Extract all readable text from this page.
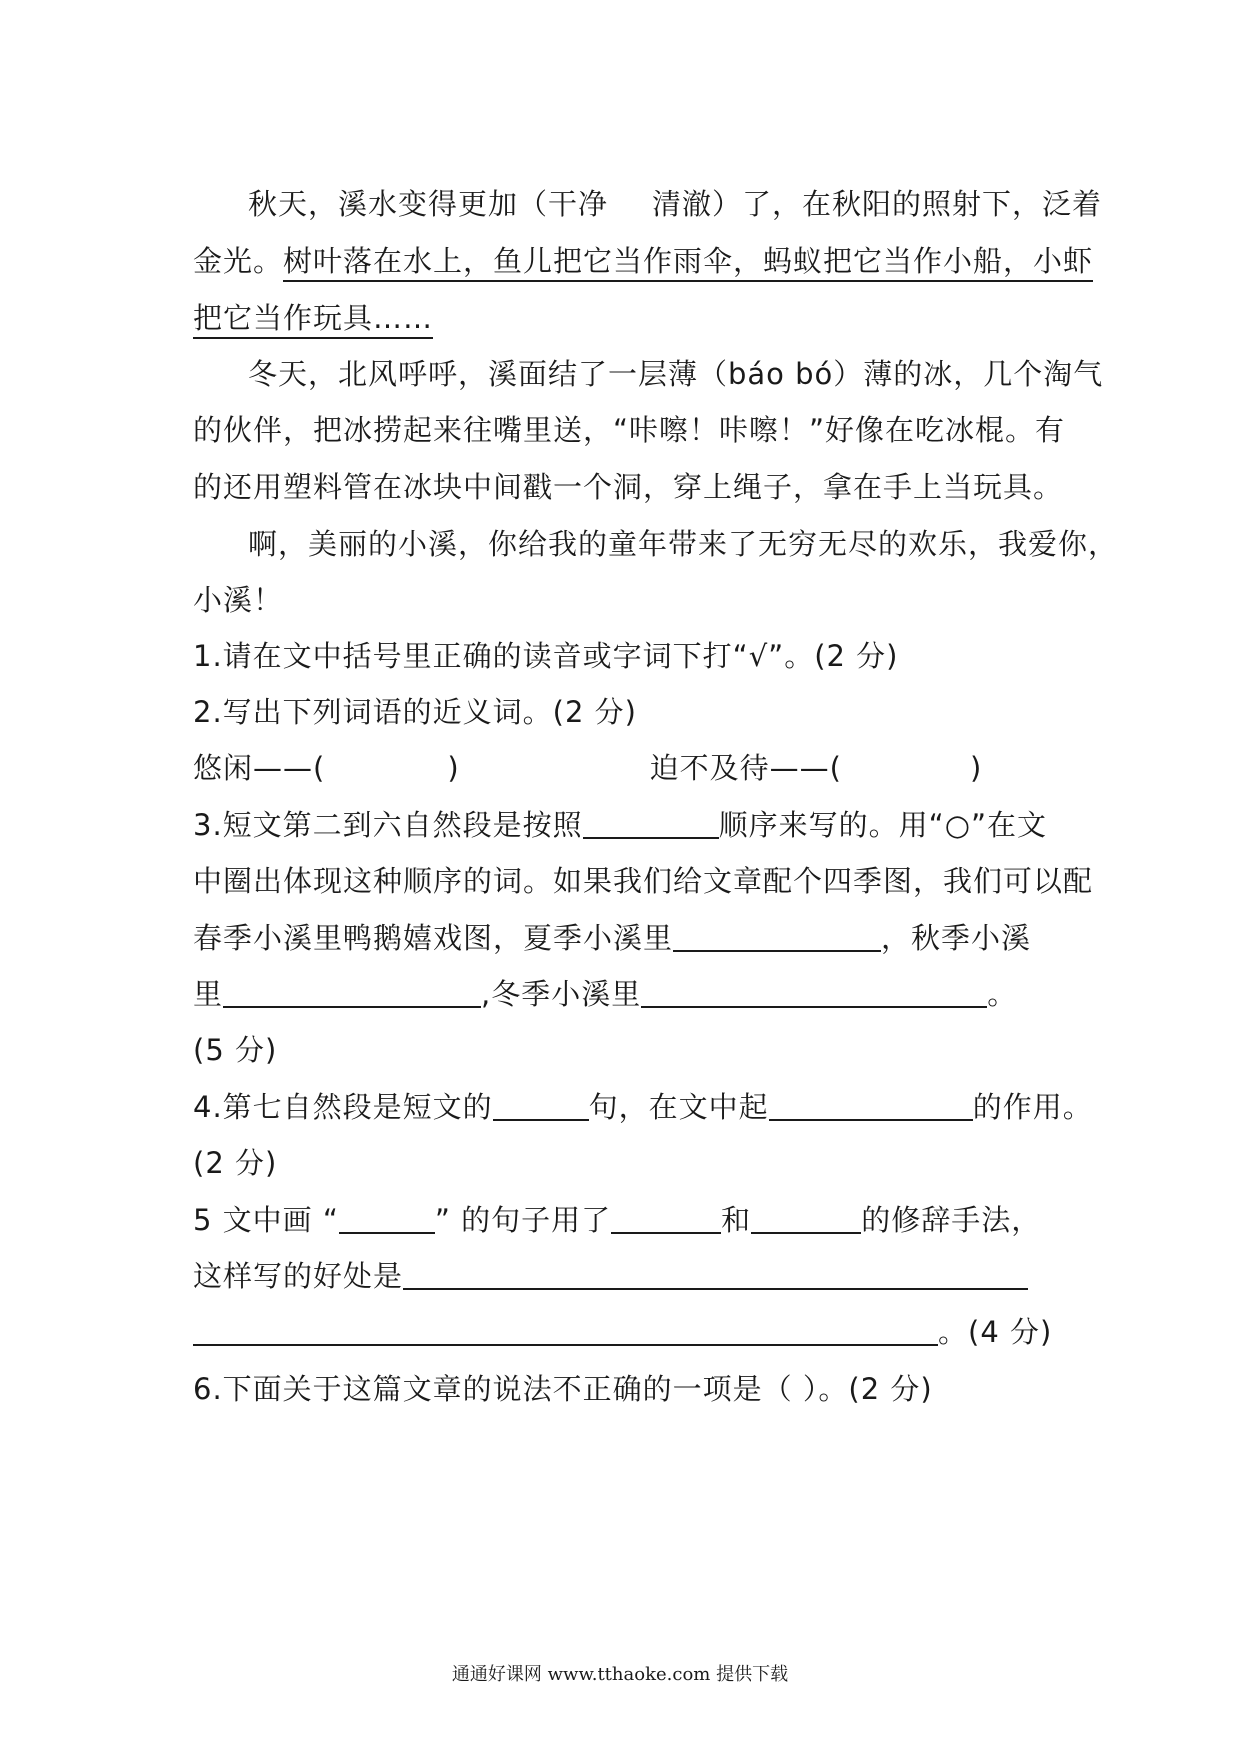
秋天，溪水变得更加（干净 清澈）了，在秋阳的照射下，泛着
金光。树叶落在水上，鱼儿把它当作雨伞，蚂蚁把它当作小船，小虾
把它当作玩具……
冬天，北风呼呼，溪面结了一层薄（báo bó）薄的冰，几个淘气
的伙伴，把冰捞起来往嘴里送，“咔嚓！咔嚓！”好像在吃冰棍。有
的还用塑料管在冰块中间戳一个洞，穿上绳子，拿在手上当玩具。
啊，美丽的小溪，你给我的童年带来了无穷无尽的欢乐，我爱你，
小溪！
1.请在文中括号里正确的读音或字词下打“√”。(2 分)
2.写出下列词语的近义词。(2 分)
悠闲——(	)	迫不及待——(	)
3.短文第二到六自然段是按照	顺序来写的。用“○”在文
中圈出体现这种顺序的词。如果我们给文章配个四季图，我们可以配
春季小溪里鸭鹅嬉戏图，夏季小溪里	，秋季小溪
里	,冬季小溪里	。
(5 分)
4.第七自然段是短文的	句，在文中起	的作用。
(2 分)
5 文中画 “	” 的句子用了	和	的修辞手法，
这样写的好处是
。(4 分)
6.下面关于这篇文章的说法不正确的一项是（ ）。(2 分)
通通好课网 www.tthaoke.com 提供下载
